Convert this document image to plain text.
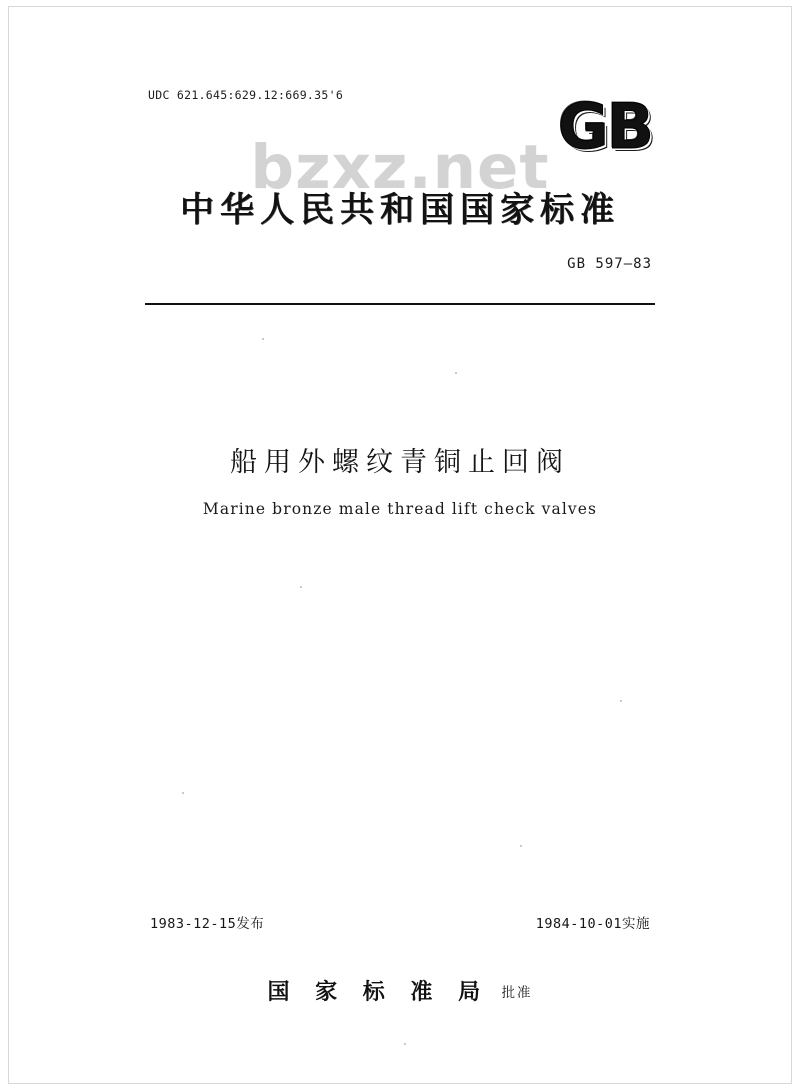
UDC 621.645:629.12:669.35'6	GB
bzxz.net
中华人民共和国国家标准
GB 597—83
船用外螺纹青铜止回阀
Marine bronze male thread lift check valves
1983-12-15发布	1984-10-01实施
国 家 标 准 局 批准
